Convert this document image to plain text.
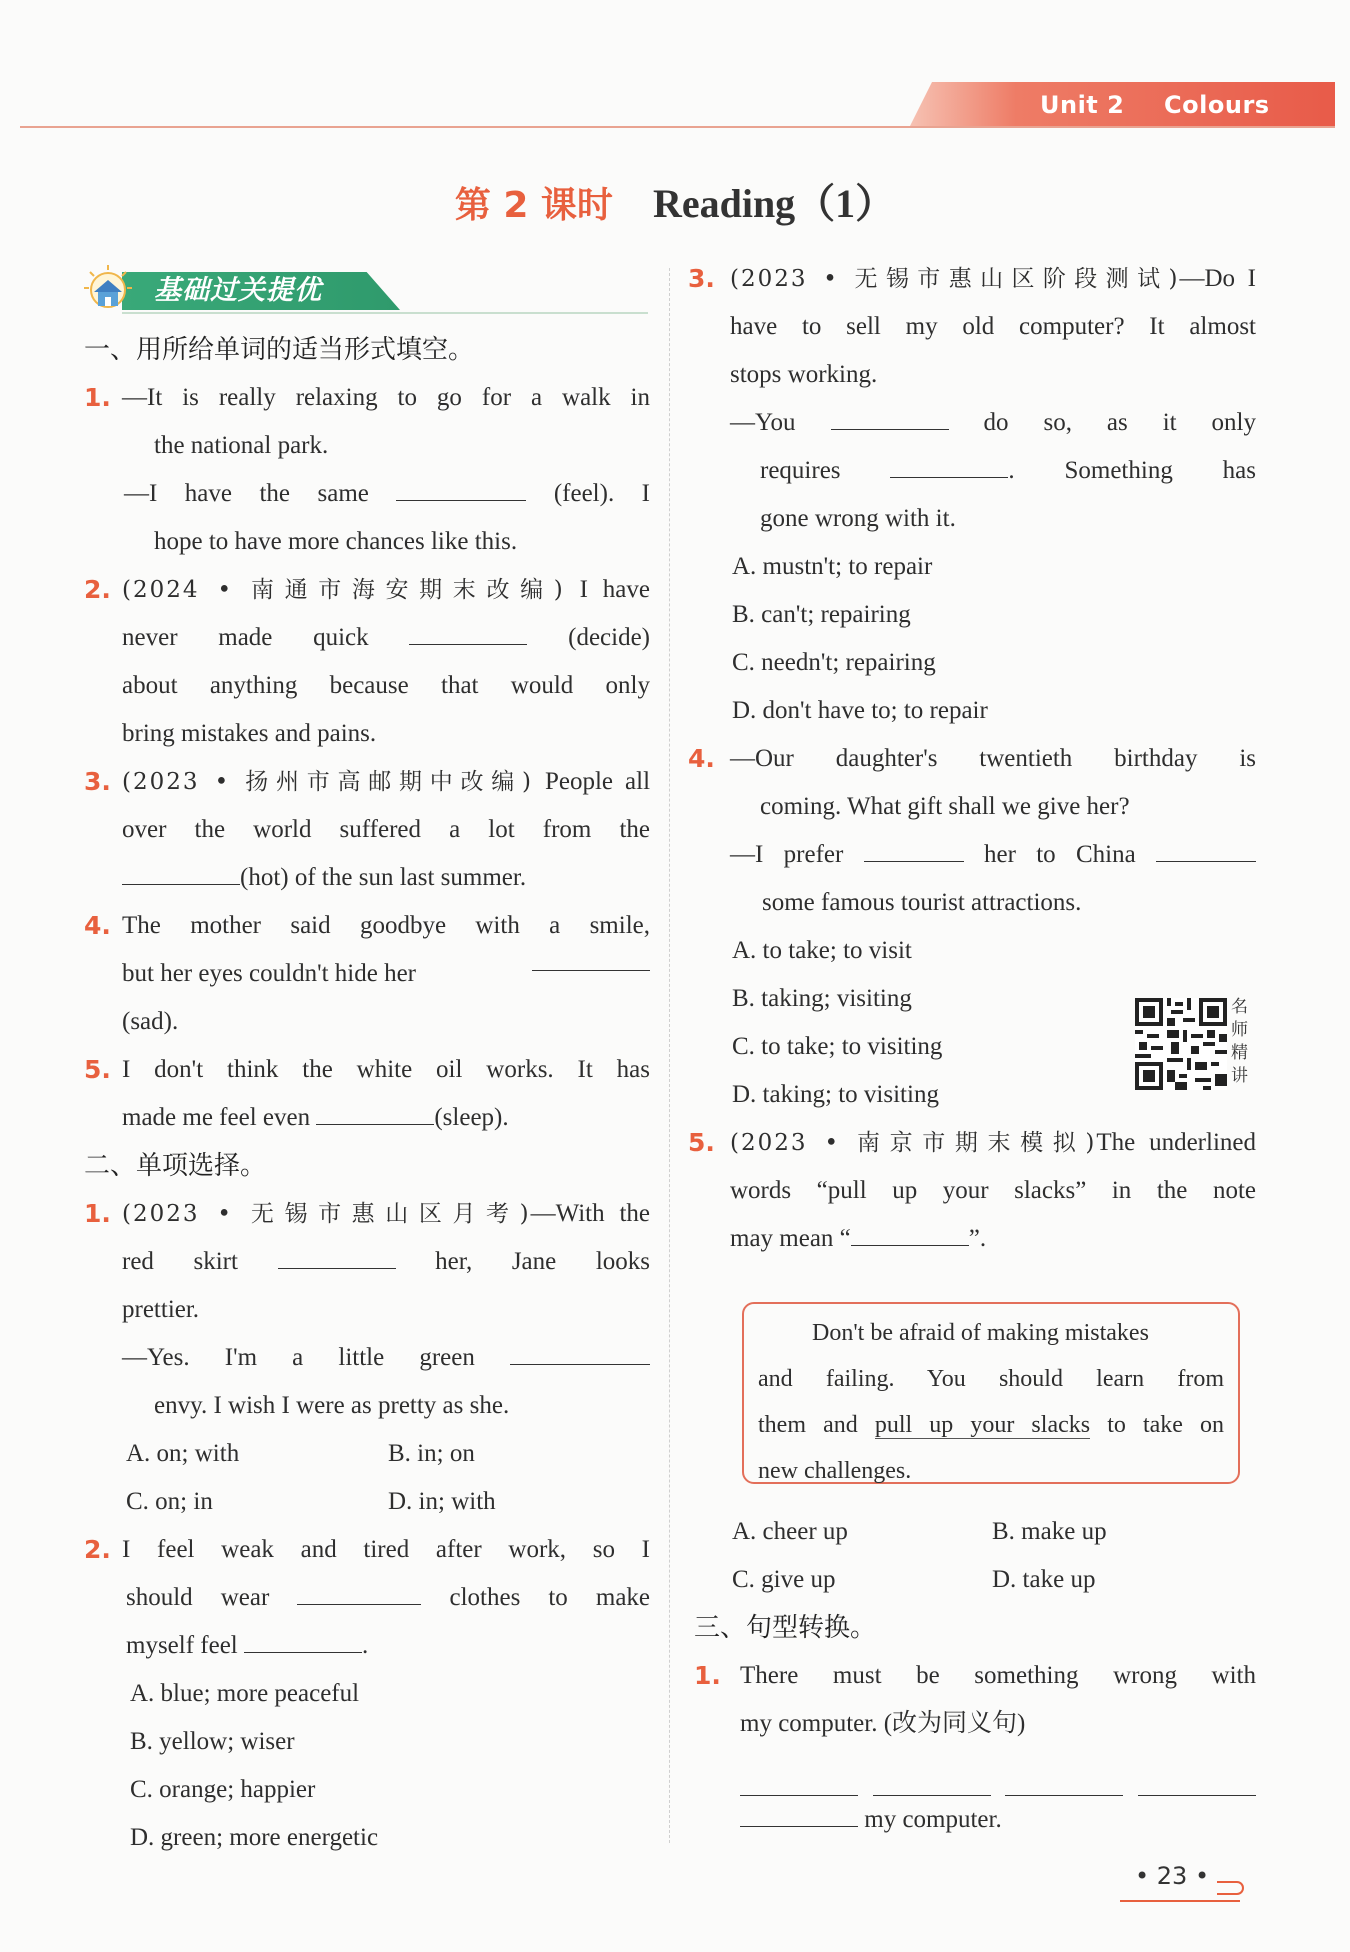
Unit 2 Colours
第 2 课时 Reading（1）
基础过关提优
一、用所给单词的适当形式填空。
1. —It is really relaxing to go for a walk in
the national park.
—I have the same	(feel). I
hope to have more chances like this.
2. (2024 • 南通市海安期末改编) I have
never made quick	(decide)
about anything because that would only
bring mistakes and pains.
3. (2023 • 扬州市高邮期中改编) People all
over the world suffered a lot from the
(hot) of the sun last summer.
4. The mother said goodbye with a smile,
but her eyes couldn't hide her
(sad).
5. I don't think the white oil works. It has
made me feel even	(sleep).
二、单项选择。
1. (2023 • 无锡市惠山区月考)—With the
red skirt	her, Jane looks
prettier.
—Yes. I'm a little green
envy. I wish I were as pretty as she.
A. on; with	B. in; on
C. on; in	D. in; with
2. I feel weak and tired after work, so I
should wear	clothes to make
myself feel	.
A. blue; more peaceful
B. yellow; wiser
C. orange; happier
D. green; more energetic
3. (2023 • 无锡市惠山区阶段测试)—Do I
have to sell my old computer? It almost
stops working.
—You	do so, as it only
requires	. Something has
gone wrong with it.
A. mustn't; to repair
B. can't; repairing
C. needn't; repairing
D. don't have to; to repair
4. —Our daughter's twentieth birthday is
coming. What gift shall we give her?
—I prefer	her to China
some famous tourist attractions.
A. to take; to visit
B. taking; visiting
C. to take; to visiting
D. taking; to visiting
5. (2023 • 南京市期末模拟)The underlined
words “pull up your slacks” in the note
may mean “	”.
Don't be afraid of making mistakes
and failing. You should learn from
them and pull up your slacks to take on
new challenges.
A. cheer up	B. make up
C. give up	D. take up
三、句型转换。
1. There must be something wrong with
my computer. (改为同义句)
my computer.
名师精讲
• 23 •
